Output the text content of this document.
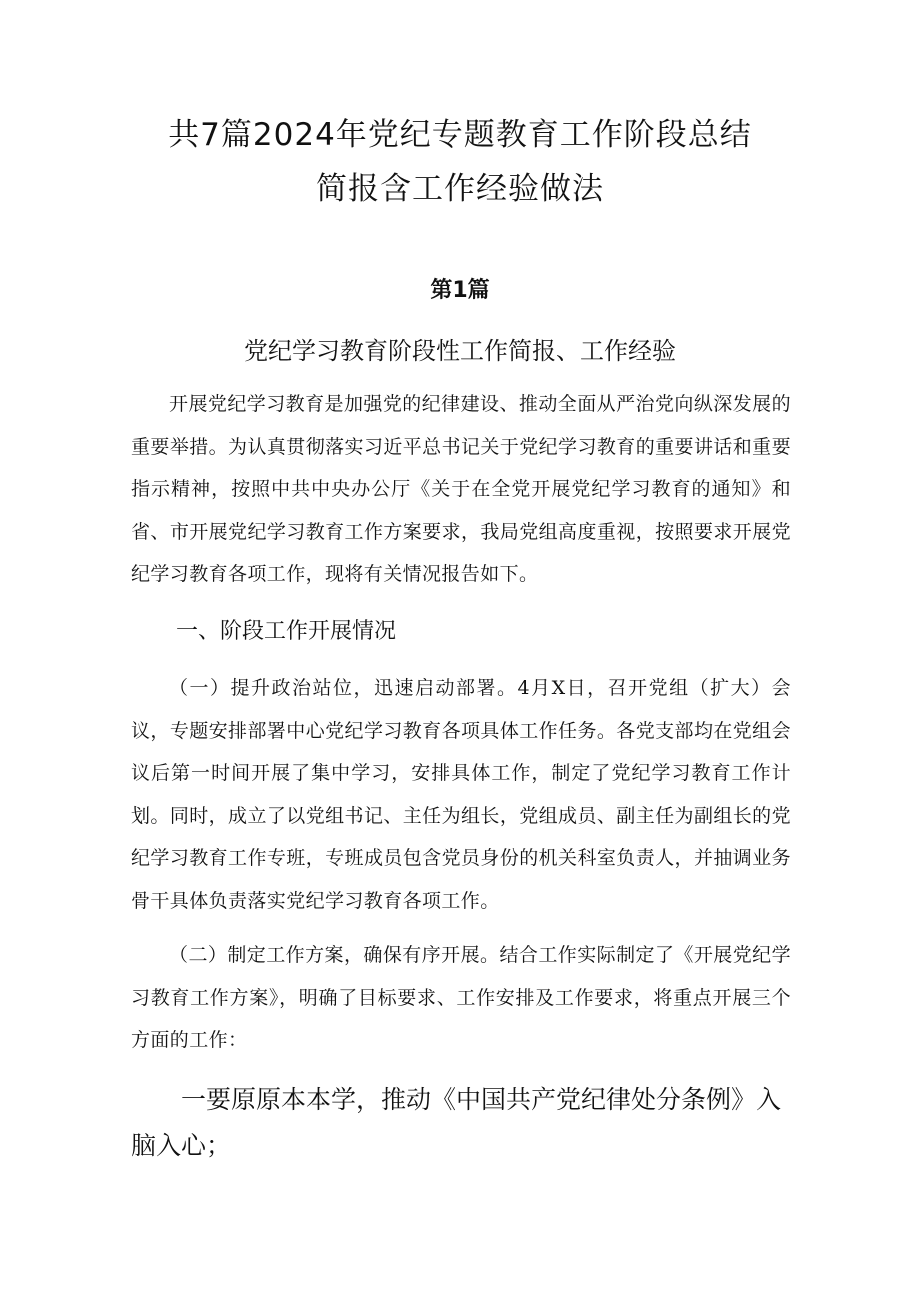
共7篇2024年党纪专题教育工作阶段总结
简报含工作经验做法
第1篇
党纪学习教育阶段性工作简报、工作经验

开展党纪学习教育是加强党的纪律建设、推动全面从严治党向纵深发展的重要举措。为认真贯彻落实习近平总书记关于党纪学习教育的重要讲话和重要指示精神，按照中共中央办公厅《关于在全党开展党纪学习教育的通知》和省、市开展党纪学习教育工作方案要求，我局党组高度重视，按照要求开展党纪学习教育各项工作，现将有关情况报告如下。

一、阶段工作开展情况

（一）提升政治站位，迅速启动部署。4月X日，召开党组（扩大）会议，专题安排部署中心党纪学习教育各项具体工作任务。各党支部均在党组会议后第一时间开展了集中学习，安排具体工作，制定了党纪学习教育工作计划。同时，成立了以党组书记、主任为组长，党组成员、副主任为副组长的党纪学习教育工作专班，专班成员包含党员身份的机关科室负责人，并抽调业务骨干具体负责落实党纪学习教育各项工作。

（二）制定工作方案，确保有序开展。结合工作实际制定了《开展党纪学习教育工作方案》，明确了目标要求、工作安排及工作要求，将重点开展三个方面的工作：

一要原原本本学，推动《中国共产党纪律处分条例》入脑入心；
